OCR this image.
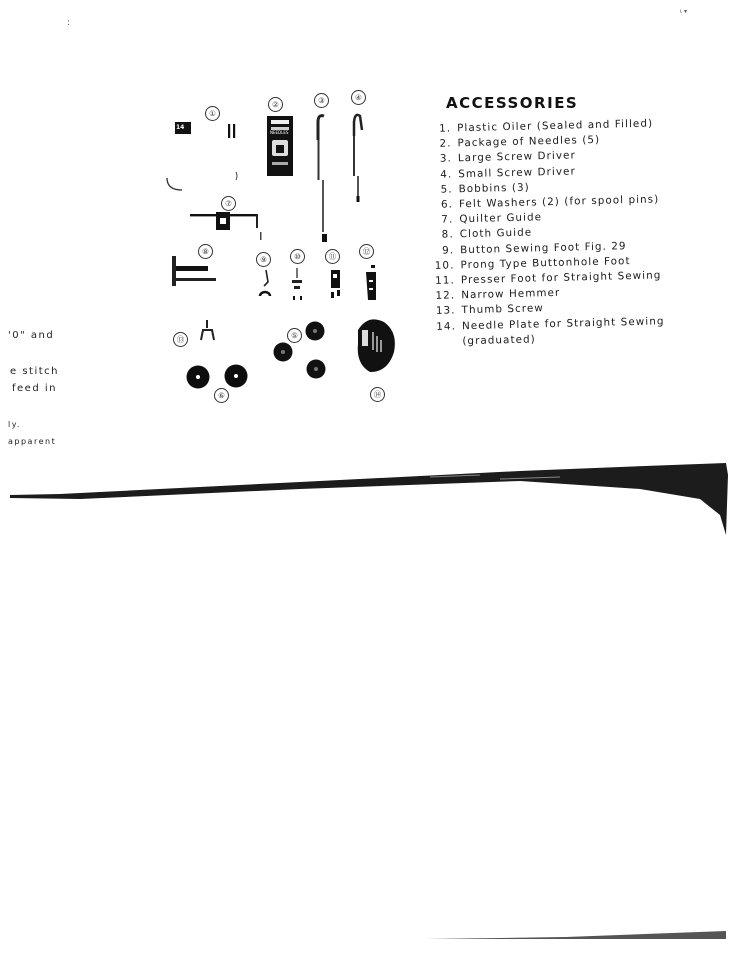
ι ▾
:
'0" and
e stitch
feed in
ly.
apparent
①
②	③	④
⑤
⑥
⑦
⑧
⑨	⑩	⑪
⑫
⑬
⑭
14
NEEDLES
ACCESSORIES
1. Plastic Oiler (Sealed and Filled)
2. Package of Needles (5)
3. Large Screw Driver
4. Small Screw Driver
5. Bobbins (3)
6. Felt Washers (2) (for spool pins)
7. Quilter Guide
8. Cloth Guide
9. Button Sewing Foot Fig. 29
10. Prong Type Buttonhole Foot
11. Presser Foot for Straight Sewing
12. Narrow Hemmer
13. Thumb Screw
14. Needle Plate for Straight Sewing
(graduated)
